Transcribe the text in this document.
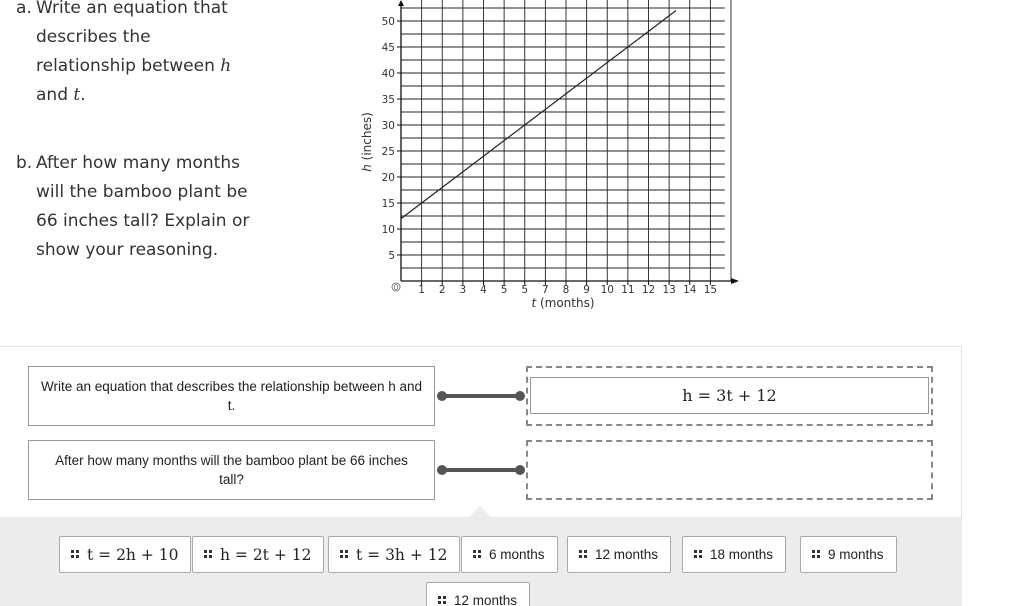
a. Write an equation that describes the relationship between h
and t.
b. After how many months will the bamboo plant be 66 inches tall? Explain or show your reasoning.
1 2 3 4 5 5 7 8 9 10 11 12 13 14 15
5
10
15
20
25
30
35
40
45
50
0
t (months)
h (inches)
Write an equation that describes the relationship between h and t.
h = 3t + 12
After how many months will the bamboo plant be 66 inches tall?
t = 2h + 10	h = 2t + 12	t = 3h + 12	6 months	12 months	18 months	9 months
12 months
